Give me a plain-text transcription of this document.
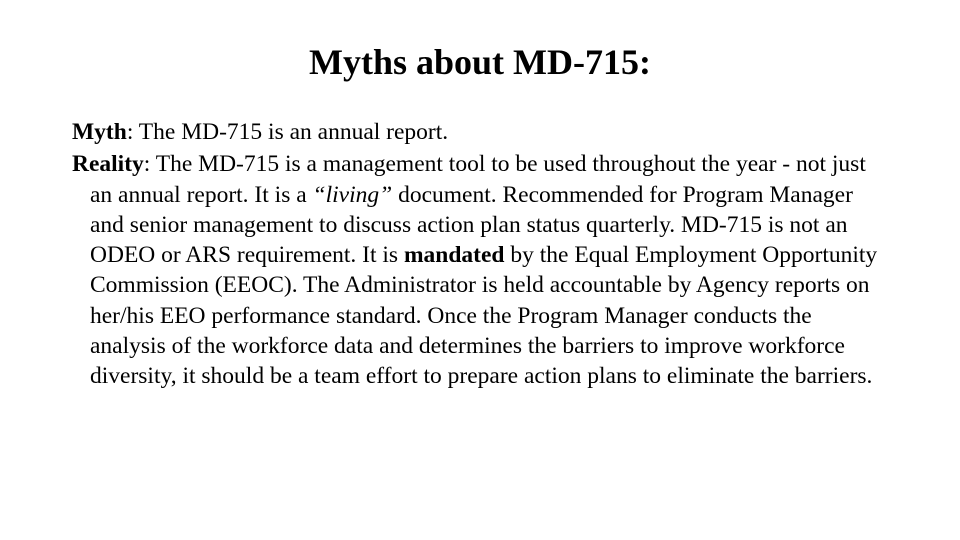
Myths about MD-715:

Myth: The MD-715 is an annual report.

Reality: The MD-715 is a management tool to be used throughout the year - not just an annual report. It is a “living” document. Recommended for Program Manager and senior management to discuss action plan status quarterly. MD-715 is not an ODEO or ARS requirement. It is mandated by the Equal Employment Opportunity Commission (EEOC). The Administrator is held accountable by Agency reports on her/his EEO performance standard. Once the Program Manager conducts the analysis of the workforce data and determines the barriers to improve workforce diversity, it should be a team effort to prepare action plans to eliminate the barriers.
